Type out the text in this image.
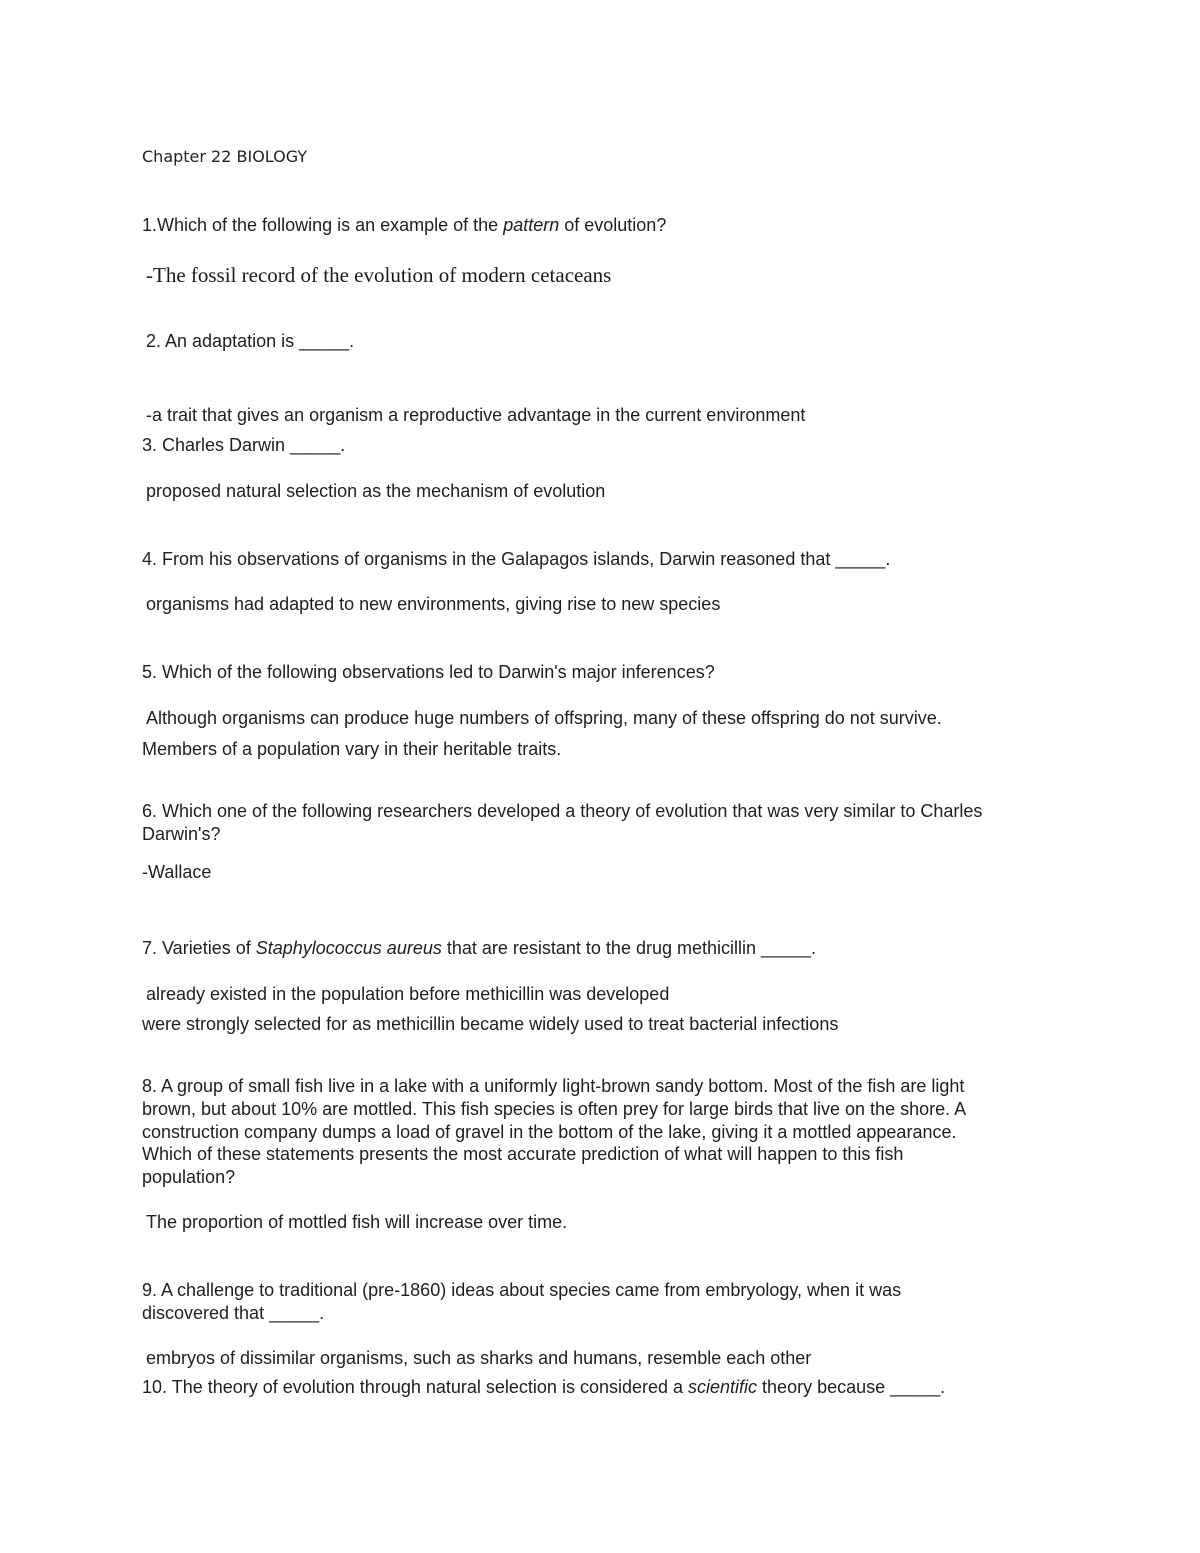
Chapter 22 BIOLOGY

1.Which of the following is an example of the pattern of evolution?

-The fossil record of the evolution of modern cetaceans

2. An adaptation is _____.

-a trait that gives an organism a reproductive advantage in the current environment

3. Charles Darwin _____.

proposed natural selection as the mechanism of evolution

4. From his observations of organisms in the Galapagos islands, Darwin reasoned that _____.

organisms had adapted to new environments, giving rise to new species

5. Which of the following observations led to Darwin's major inferences?

Although organisms can produce huge numbers of offspring, many of these offspring do not survive.

Members of a population vary in their heritable traits.

6. Which one of the following researchers developed a theory of evolution that was very similar to Charles

Darwin's?

-Wallace

7. Varieties of Staphylococcus aureus that are resistant to the drug methicillin _____.

already existed in the population before methicillin was developed

were strongly selected for as methicillin became widely used to treat bacterial infections

8. A group of small fish live in a lake with a uniformly light-brown sandy bottom. Most of the fish are light

brown, but about 10% are mottled. This fish species is often prey for large birds that live on the shore. A

construction company dumps a load of gravel in the bottom of the lake, giving it a mottled appearance.

Which of these statements presents the most accurate prediction of what will happen to this fish

population?

The proportion of mottled fish will increase over time.

9. A challenge to traditional (pre-1860) ideas about species came from embryology, when it was

discovered that _____.

embryos of dissimilar organisms, such as sharks and humans, resemble each other

10. The theory of evolution through natural selection is considered a scientific theory because _____.
